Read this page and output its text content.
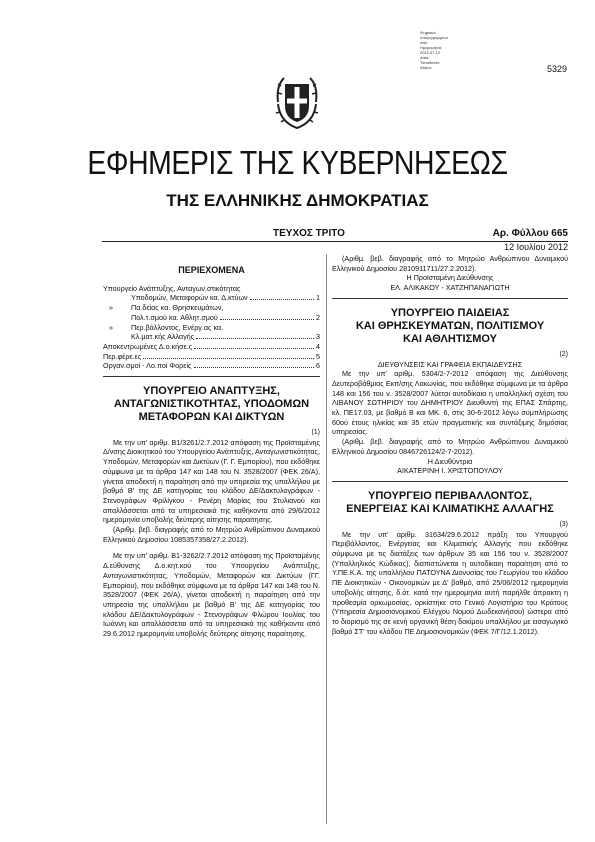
5329
Ψηφιακά
υπογεγραμμένο
από
Ημερομηνία:
2012.07.12
Αιτία:
Τοποθεσία:
Αθήνα
ΕΦΗΜΕΡΙΣ ΤΗΣ ΚΥΒΕΡΝΗΣΕΩΣ
ΤΗΣ ΕΛΛΗΝΙΚΗΣ ΔΗΜΟΚΡΑΤΙΑΣ
ΤΕΥΧΟΣ ΤΡΙΤΟ	Αρ. Φύλλου 665
12 Ιουλίου 2012
ΠΕΡΙΕΧΟΜΕΝΑ
Υπουργείο Ανάπτυξης, Ανταγων.στικότητας
Υποδομών, Μεταφορών κα. Δ.κτύων	1
»	Πα.δείας κα. Θρησκευμάτων,
Πολ.τ.σμού κα. Αθλητ.σμού	2
»	Περ.βάλλοντος, Ενέργ.ας κα.
Κλ.ματ.κής Αλλαγής	3
Αποκεντρωμένες Δ.ο.κήσε.ς	4
Περ.φέρε.ες	5
Οργαν.σμοί - Λο.ποί Φορείς	6
ΥΠΟΥΡΓΕΙΟ ΑΝΑΠΤΥΞΗΣ,
ΑΝΤΑΓΩΝΙΣΤΙΚΟΤΗΤΑΣ, ΥΠΟΔΟΜΩΝ
ΜΕΤΑΦΟΡΩΝ ΚΑΙ ΔΙΚΤΥΩΝ
(1)

Με την υπ' αριθμ. Β1/3261/2.7.2012 απόφαση της Προϊσταμένης Δ/νσης Διοικητικού του Υπουργείου Ανάπτυξης, Ανταγωνιστικότητας, Υποδομών, Μεταφορών και Δικτύων (Γ. Γ. Εμπορίου), που εκδόθηκε σύμφωνα με τα άρθρα 147 και 148 του Ν. 3528/2007 (ΦΕΚ 26/Α), γίνεται αποδεκτή η παραίτηση από την υπηρεσία της υπαλλήλου με βαθμό Β' της ΔΕ κατηγορίας του κλάδου ΔΕ/Δακτυλογράφων - Στενογράφων Φριλίγκου - Ρενέρη Μαρίας του Στυλιανού και απαλλάσσεται από τα υπηρεσιακά της καθήκοντα από 29/6/2012 ημερομηνία υποβολής δεύτερης αίτησης παραίτησης.

(Αριθμ. βεβ. διαγραφής από το Μητρώο Ανθρώπινου Δυναμικού Ελληνικού Δημοσίου 1085357358/27.2.2012).

Με την υπ' αριθμ. Β1-3262/2.7.2012 απόφαση της Προϊσταμένης Δ.εύθυνσης Δ.ο.κητ.κού του Υπουργείου Ανάπτυξης, Ανταγωνιστικότητας, Υποδομών, Μεταφορών και Δικτύων (ΓΓ. Εμπορίου), που εκδόθηκε σύμφωνα με τα άρθρα 147 και 148 του Ν. 3528/2007 (ΦΕΚ 26/Α), γίνεται αποδεκτή η παραίτηση από την υπηρεσία της υπαλλήλου με βαθμό Β' της ΔΕ κατηγορίας του κλάδου ΔΕ/Δακτυλογράφων - Στενογράφων Φλώρου Ιουλίας του Ιωάννη και απαλλάσσεται από τα υπηρεσιακά της καθήκοντα από 29.6.2012 ημερομηνία υποβολής δεύτερης αίτησης παραίτησης.

(Αριθμ. βεβ. διαγραφής από το Μητρώο Ανθρώπινου Δυναμικού Ελληνικού Δημοσίου 2810911711/27.2.2012).

Η Προϊσταμένη Διεύθυνσης

ΕΛ. ΑΛΙΚΑΚΟΥ - ΧΑΤΖΗΠΑΝΑΓΙΩΤΗ

ΥΠΟΥΡΓΕΙΟ ΠΑΙΔΕΙΑΣ
ΚΑΙ ΘΡΗΣΚΕΥΜΑΤΩΝ, ΠΟΛΙΤΙΣΜΟΥ
ΚΑΙ ΑΘΛΗΤΙΣΜΟΥ
(2)

ΔΙΕΥΘΥΝΣΕΙΣ ΚΑΙ ΓΡΑΦΕΙΑ ΕΚΠΑΙΔΕΥΣΗΣ

Με την υπ' αριθμ. 5304/2-7-2012 απόφαση της Διεύθυνσης Δευτεροβάθμιας Εκπ/σης Λακωνίας, που εκδόθηκε σύμφωνα με τα άρθρα 148 και 156 του ν. 3528/2007 λύεται αυτοδίκαια η υπαλληλική σχέση του ΛΙΒΑΝΟΥ ΣΩΤΗΡΙΟΥ του ΔΗΜΗΤΡΙΟΥ Διευθυντή της ΕΠΑΣ Σπάρτης, κλ. ΠΕ17.03, με βαθμό Β και ΜΚ. 6, στις 30-6-2012 λόγω συμπλήρωσης 60ού έτους ηλικίας και 35 ετών πραγματικής και συντάξιμης δημόσιας υπηρεσίας.

(Αριθμ. βεβ. διαγραφής από το Μητρώο Ανθρώπινου Δυναμικού Ελληνικού Δημοσίου 0846726124/2-7-2012).

Η Διευθύντρια

ΑΙΚΑΤΕΡΙΝΗ Ι. ΧΡΙΣΤΟΠΟΥΛΟΥ

ΥΠΟΥΡΓΕΙΟ ΠΕΡΙΒΑΛΛΟΝΤΟΣ,
ΕΝΕΡΓΕΙΑΣ ΚΑΙ ΚΛΙΜΑΤΙΚΗΣ ΑΛΛΑΓΗΣ
(3)

Με την υπ' αριθμ. 31634/29.6.2012 πράξη του Υπουργού Περιβάλλοντος, Ενέργειας και Κλιματικής Αλλαγής που εκδόθηκε σύμφωνα με τις διατάξεις των άρθρων 35 και 156 του ν. 3528/2007 (Υπαλληλικός Κώδικας), διαπιστώνεται η αυτοδίκαιη παραίτηση από το Υ.ΠΕ.Κ.Α. της υπαλλήλου ΠΑΤΟΥΝΑ Διονυσίας του Γεωργίου του κλάδου ΠΕ Διοικητικών - Οικονομικών με Δ' βαθμό, από 25/06/2012 ημερομηνία υποβολής αίτησης, δ.ότ. κατά την ημερομηνία αυτή παρήλθε άπρακτη η προθεσμία ορκωμοσίας, ορκίστηκε στο Γενικό Λογιστήριο του Κράτους (Υπηρεσία Δημοσιονομικού Ελέγχου Νομού Δωδεκανήσου) ώστερα από το διορισμό της σε κενή οργανική θέση δοκίμου υπαλλήλου με εισαγωγικό βαθμό ΣΤ' του κλάδου ΠΕ Δημοσιονομικών (ΦΕΚ 7/Γ/12.1.2012).
